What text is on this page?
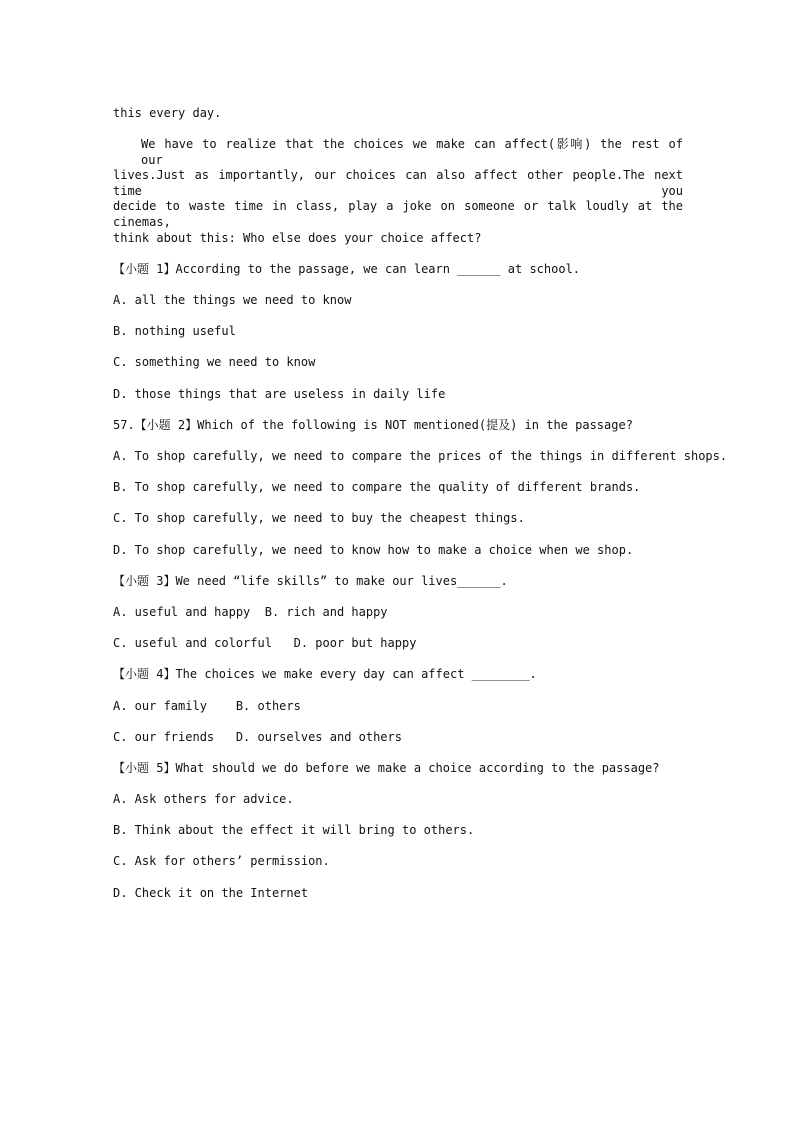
this every day.
We have to realize that the choices we make can affect(影响) the rest of our
lives.Just as importantly, our choices can also affect other people.The next time you
decide to waste time in class, play a joke on someone or talk loudly at the cinemas,
think about this: Who else does your choice affect?
【小题 1】According to the passage, we can learn ______ at school.
A. all the things we need to know
B. nothing useful
C. something we need to know
D. those things that are useless in daily life
57.【小题 2】Which of the following is NOT mentioned(提及) in the passage?
A. To shop carefully, we need to compare the prices of the things in different shops.
B. To shop carefully, we need to compare the quality of different brands.
C. To shop carefully, we need to buy the cheapest things.
D. To shop carefully, we need to know how to make a choice when we shop.
【小题 3】We need “life skills” to make our lives______.
A. useful and happy  B. rich and happy
C. useful and colorful   D. poor but happy
【小题 4】The choices we make every day can affect ________.
A. our family    B. others
C. our friends   D. ourselves and others
【小题 5】What should we do before we make a choice according to the passage?
A. Ask others for advice.
B. Think about the effect it will bring to others.
C. Ask for others’ permission.
D. Check it on the Internet
